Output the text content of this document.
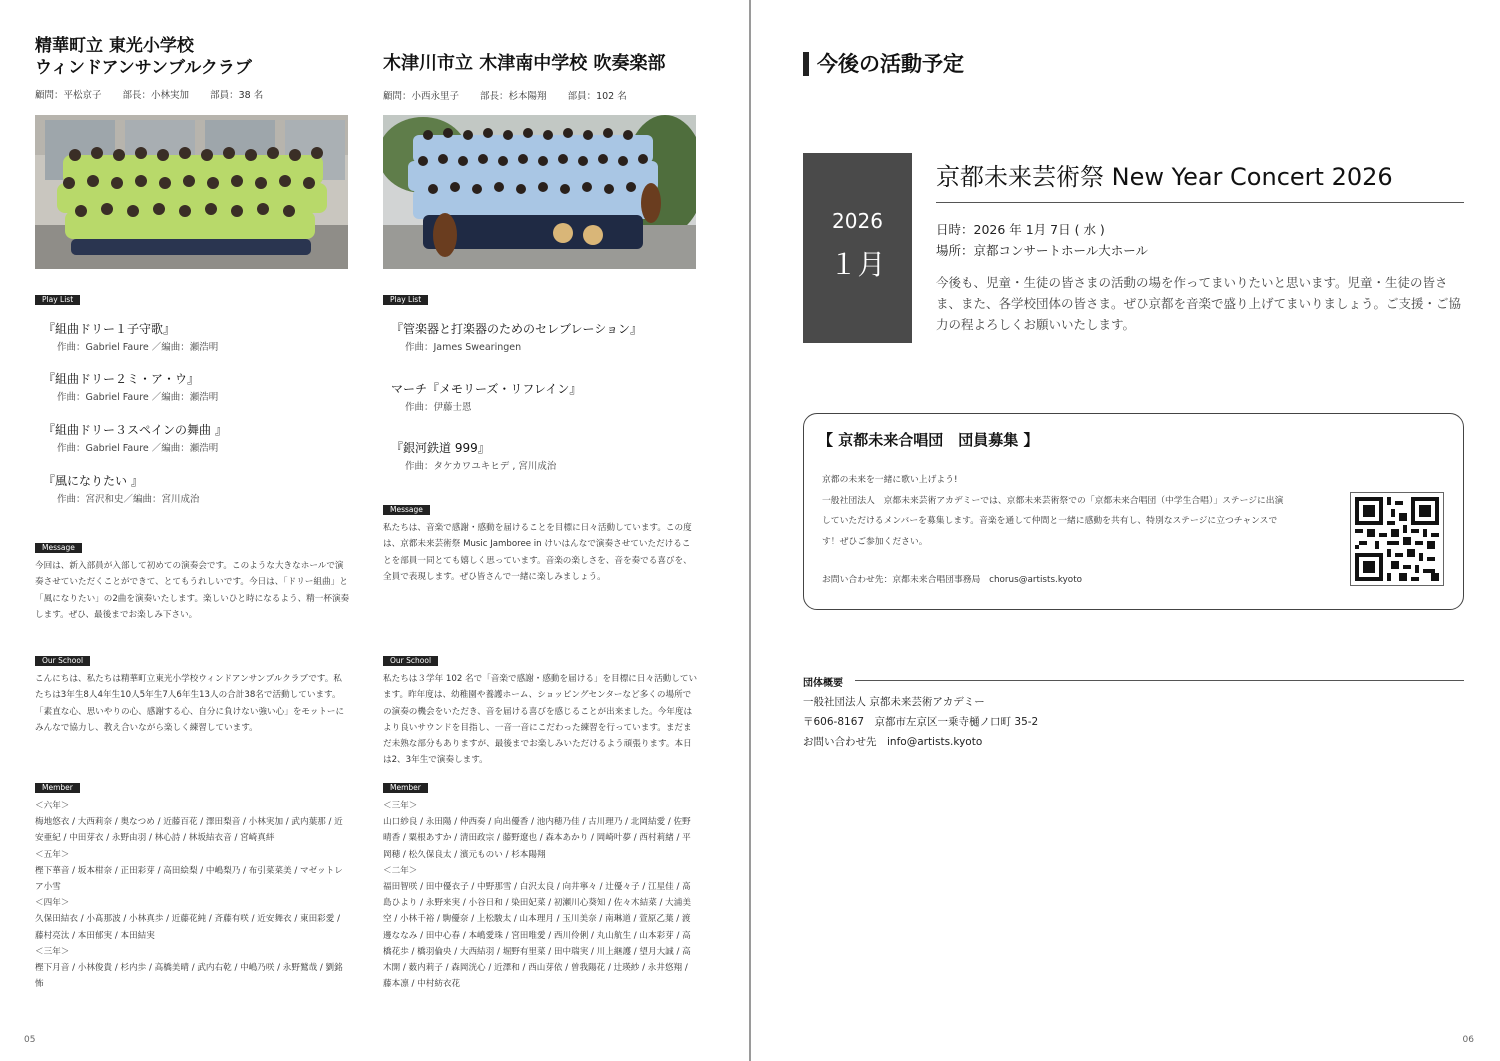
精華町立 東光小学校
ウィンドアンサンブルクラブ
顧問：平松京子 部長：小林実加 部員：38 名
Play List
『組曲ドリー１子守歌』
作曲：Gabriel Faure ／編曲：瀬浩明
『組曲ドリー２ミ・ア・ウ』
作曲：Gabriel Faure ／編曲：瀬浩明
『組曲ドリー３スペインの舞曲 』
作曲：Gabriel Faure ／編曲：瀬浩明
『風になりたい 』
作曲：宮沢和史／編曲：宮川成治
Message
今回は、新入部員が入部して初めての演奏会です。このような大きなホールで演奏させていただくことができて、とてもうれしいです。今日は、「ドリー組曲」と「風になりたい」の2曲を演奏いたします。楽しいひと時になるよう、精一杯演奏します。ぜひ、最後までお楽しみ下さい。
Our School
こんにちは、私たちは精華町立東光小学校ウィンドアンサンブルクラブです。私たちは3年生8人4年生10人5年生7人6年生13人の合計38名で活動しています。「素直な心、思いやりの心、感謝する心、自分に負けない強い心」をモットーにみんなで協力し、教え合いながら楽しく練習しています。
Member
＜六年＞
梅地悠衣 / 大西莉奈 / 奥なつめ / 近藤百花 / 澤田梨音 / 小林実加 / 武内葉那 / 近安亜紀 / 中田芽衣 / 永野由羽 / 林心詩 / 林坂結衣音 / 宮崎真絆
＜五年＞
樫下華音 / 坂本柑奈 / 正田彩芽 / 高田絵梨 / 中嶋梨乃 / 布引菜菜美 / マゼットレア小雪
＜四年＞
久保田結衣 / 小髙那波 / 小林真歩 / 近藤花純 / 斉藤有咲 / 近安舞衣 / 東田彩愛 / 藤村亮汰 / 本田郁実 / 本田結実
＜三年＞
樫下月音 / 小林俊貴 / 杉内歩 / 高橋美晴 / 武内右乾 / 中嶋乃咲 / 永野鷲哉 / 劉銘怖
木津川市立 木津南中学校 吹奏楽部
顧問：小西永里子 部長：杉本陽翔 部員：102 名
Play List
『管楽器と打楽器のためのセレブレーション』
作曲：James Swearingen
マーチ『メモリーズ・リフレイン』
作曲：伊藤士恩
『銀河鉄道 999』
作曲：タケカワユキヒデ , 宮川成治
Message
私たちは、音楽で感謝・感動を届けることを目標に日々活動しています。この度は、京都未来芸術祭 Music Jamboree in けいはんなで演奏させていただけることを部員一同とても嬉しく思っています。音楽の楽しさを、音を奏でる喜びを、全員で表現します。ぜひ皆さんで一緒に楽しみましょう。
Our School
私たちは３学年 102 名で「音楽で感謝・感動を届ける」を目標に日々活動しています。昨年度は、幼稚園や養護ホーム、ショッピングセンターなど多くの場所での演奏の機会をいただき、音を届ける喜びを感じることが出来ました。今年度はより良いサウンドを目指し、一音一音にこだわった練習を行っています。まだまだ未熟な部分もありますが、最後までお楽しみいただけるよう頑張ります。本日は2、3年生で演奏します。
Member
＜三年＞
山口紗良 / 永田陽 / 仲西奏 / 向出優香 / 池内穂乃佳 / 古川理乃 / 北岡結愛 / 佐野晴香 / 粟根あすか / 清田政宗 / 藤野遼也 / 森本あかり / 岡崎叶夢 / 西村莉緒 / 平岡穂 / 松久保良太 / 濱元ものい / 杉本陽翔
＜二年＞
福田智咲 / 田中優衣子 / 中野那雪 / 白沢太良 / 向井寧々 / 辻優々子 / 江星佳 / 髙島ひより / 永野来実 / 小谷日和 / 染田妃菜 / 初瀬川心葵知 / 佐々木結菜 / 大浦美空 / 小林千裕 / 駒優奈 / 上松駿太 / 山本理月 / 玉川美奈 / 南琳道 / 萱原乙葉 / 渡邊ななみ / 田中心春 / 本嶋愛珠 / 宮田唯愛 / 西川伶俐 / 丸山航生 / 山本彩芽 / 高橋花歩 / 橋羽倫央 / 大西結羽 / 堀野有里菜 / 田中瑞実 / 川上継護 / 望月大誠 / 高木開 / 薮内莉子 / 森岡洸心 / 近澤和 / 西山芽依 / 曽我陽花 / 辻瑛紗 / 永井悠翔 / 藤本凛 / 中村紡衣花
05
今後の活動予定
2026
１月
京都未来芸術祭 New Year Concert 2026
日時：2026 年 1月 7日 ( 水 )
場所：京都コンサートホール大ホール
今後も、児童・生徒の皆さまの活動の場を作ってまいりたいと思います。児童・生徒の皆さま、また、各学校団体の皆さま。ぜひ京都を音楽で盛り上げてまいりましょう。ご支援・ご協力の程よろしくお願いいたします。
【 京都未来合唱団　団員募集 】
京都の未来を一緒に歌い上げよう!
一般社団法人　京都未来芸術アカデミーでは、京都未来芸術祭での「京都未来合唱団（中学生合唱）」ステージに出演していただけるメンバーを募集します。音楽を通して仲間と一緒に感動を共有し、特別なステージに立つチャンスです！ぜひご参加ください。
お問い合わせ先：京都未来合唱団事務局　chorus@artists.kyoto
団体概要
一般社団法人 京都未来芸術アカデミー
〒606-8167　京都市左京区一乗寺樋ノ口町 35-2
お問い合わせ先　info@artists.kyoto
06
